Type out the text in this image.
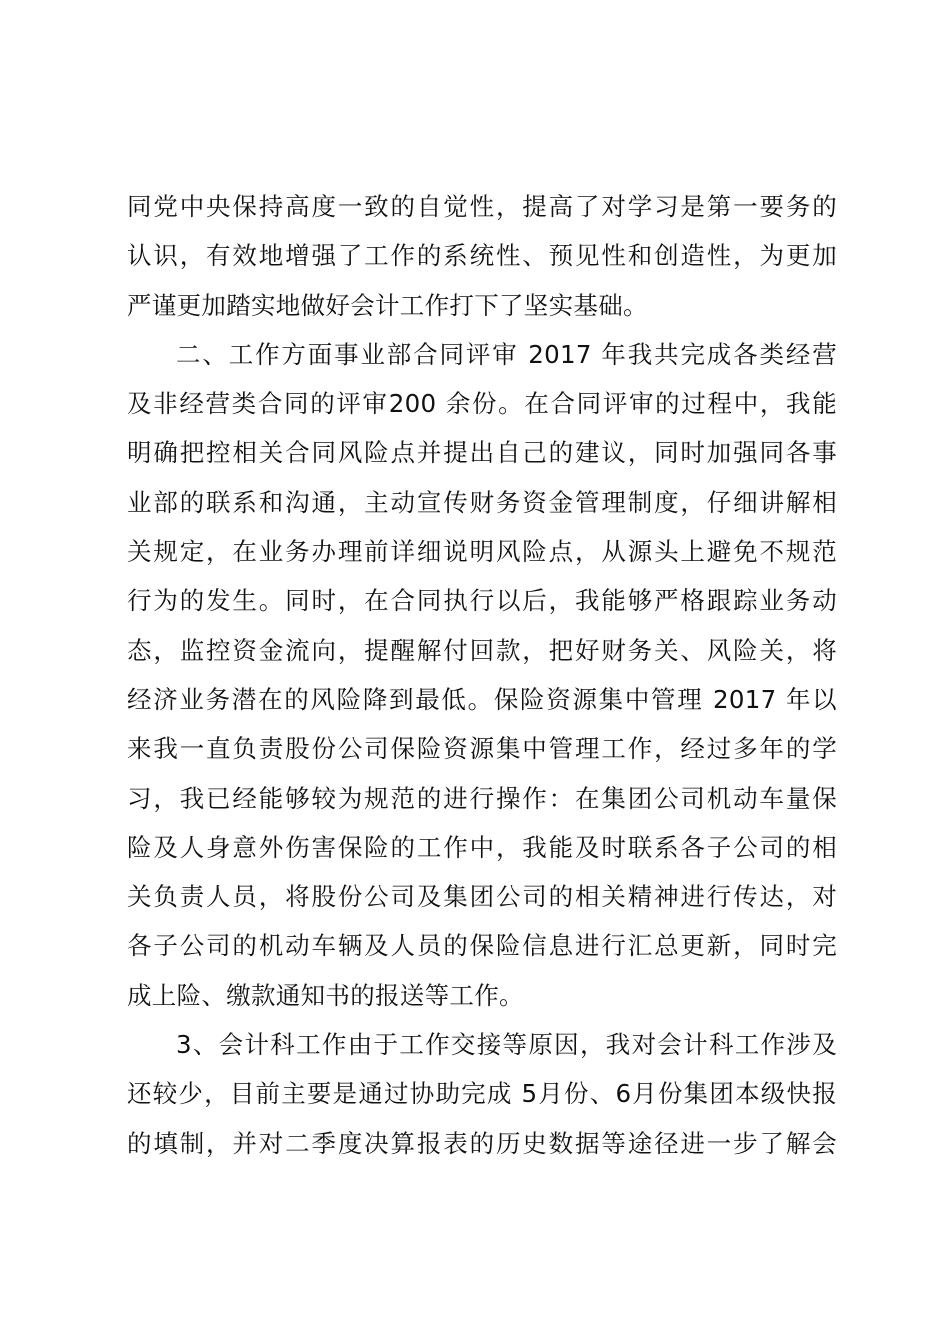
同党中央保持高度一致的自觉性，提高了对学习是第一要务的
认识，有效地增强了工作的系统性、预见性和创造性，为更加
严谨更加踏实地做好会计工作打下了坚实基础。

二、工作方面事业部合同评审 2017 年我共完成各类经营
及非经营类合同的评审200 余份。在合同评审的过程中，我能
明确把控相关合同风险点并提出自己的建议，同时加强同各事
业部的联系和沟通，主动宣传财务资金管理制度，仔细讲解相
关规定，在业务办理前详细说明风险点，从源头上避免不规范
行为的发生。同时，在合同执行以后，我能够严格跟踪业务动
态，监控资金流向，提醒解付回款，把好财务关、风险关，将
经济业务潜在的风险降到最低。保险资源集中管理 2017 年以
来我一直负责股份公司保险资源集中管理工作，经过多年的学
习，我已经能够较为规范的进行操作：在集团公司机动车量保
险及人身意外伤害保险的工作中，我能及时联系各子公司的相
关负责人员，将股份公司及集团公司的相关精神进行传达，对
各子公司的机动车辆及人员的保险信息进行汇总更新，同时完
成上险、缴款通知书的报送等工作。

3、会计科工作由于工作交接等原因，我对会计科工作涉及
还较少，目前主要是通过协助完成 5月份、6月份集团本级快报
的填制，并对二季度决算报表的历史数据等途径进一步了解会
